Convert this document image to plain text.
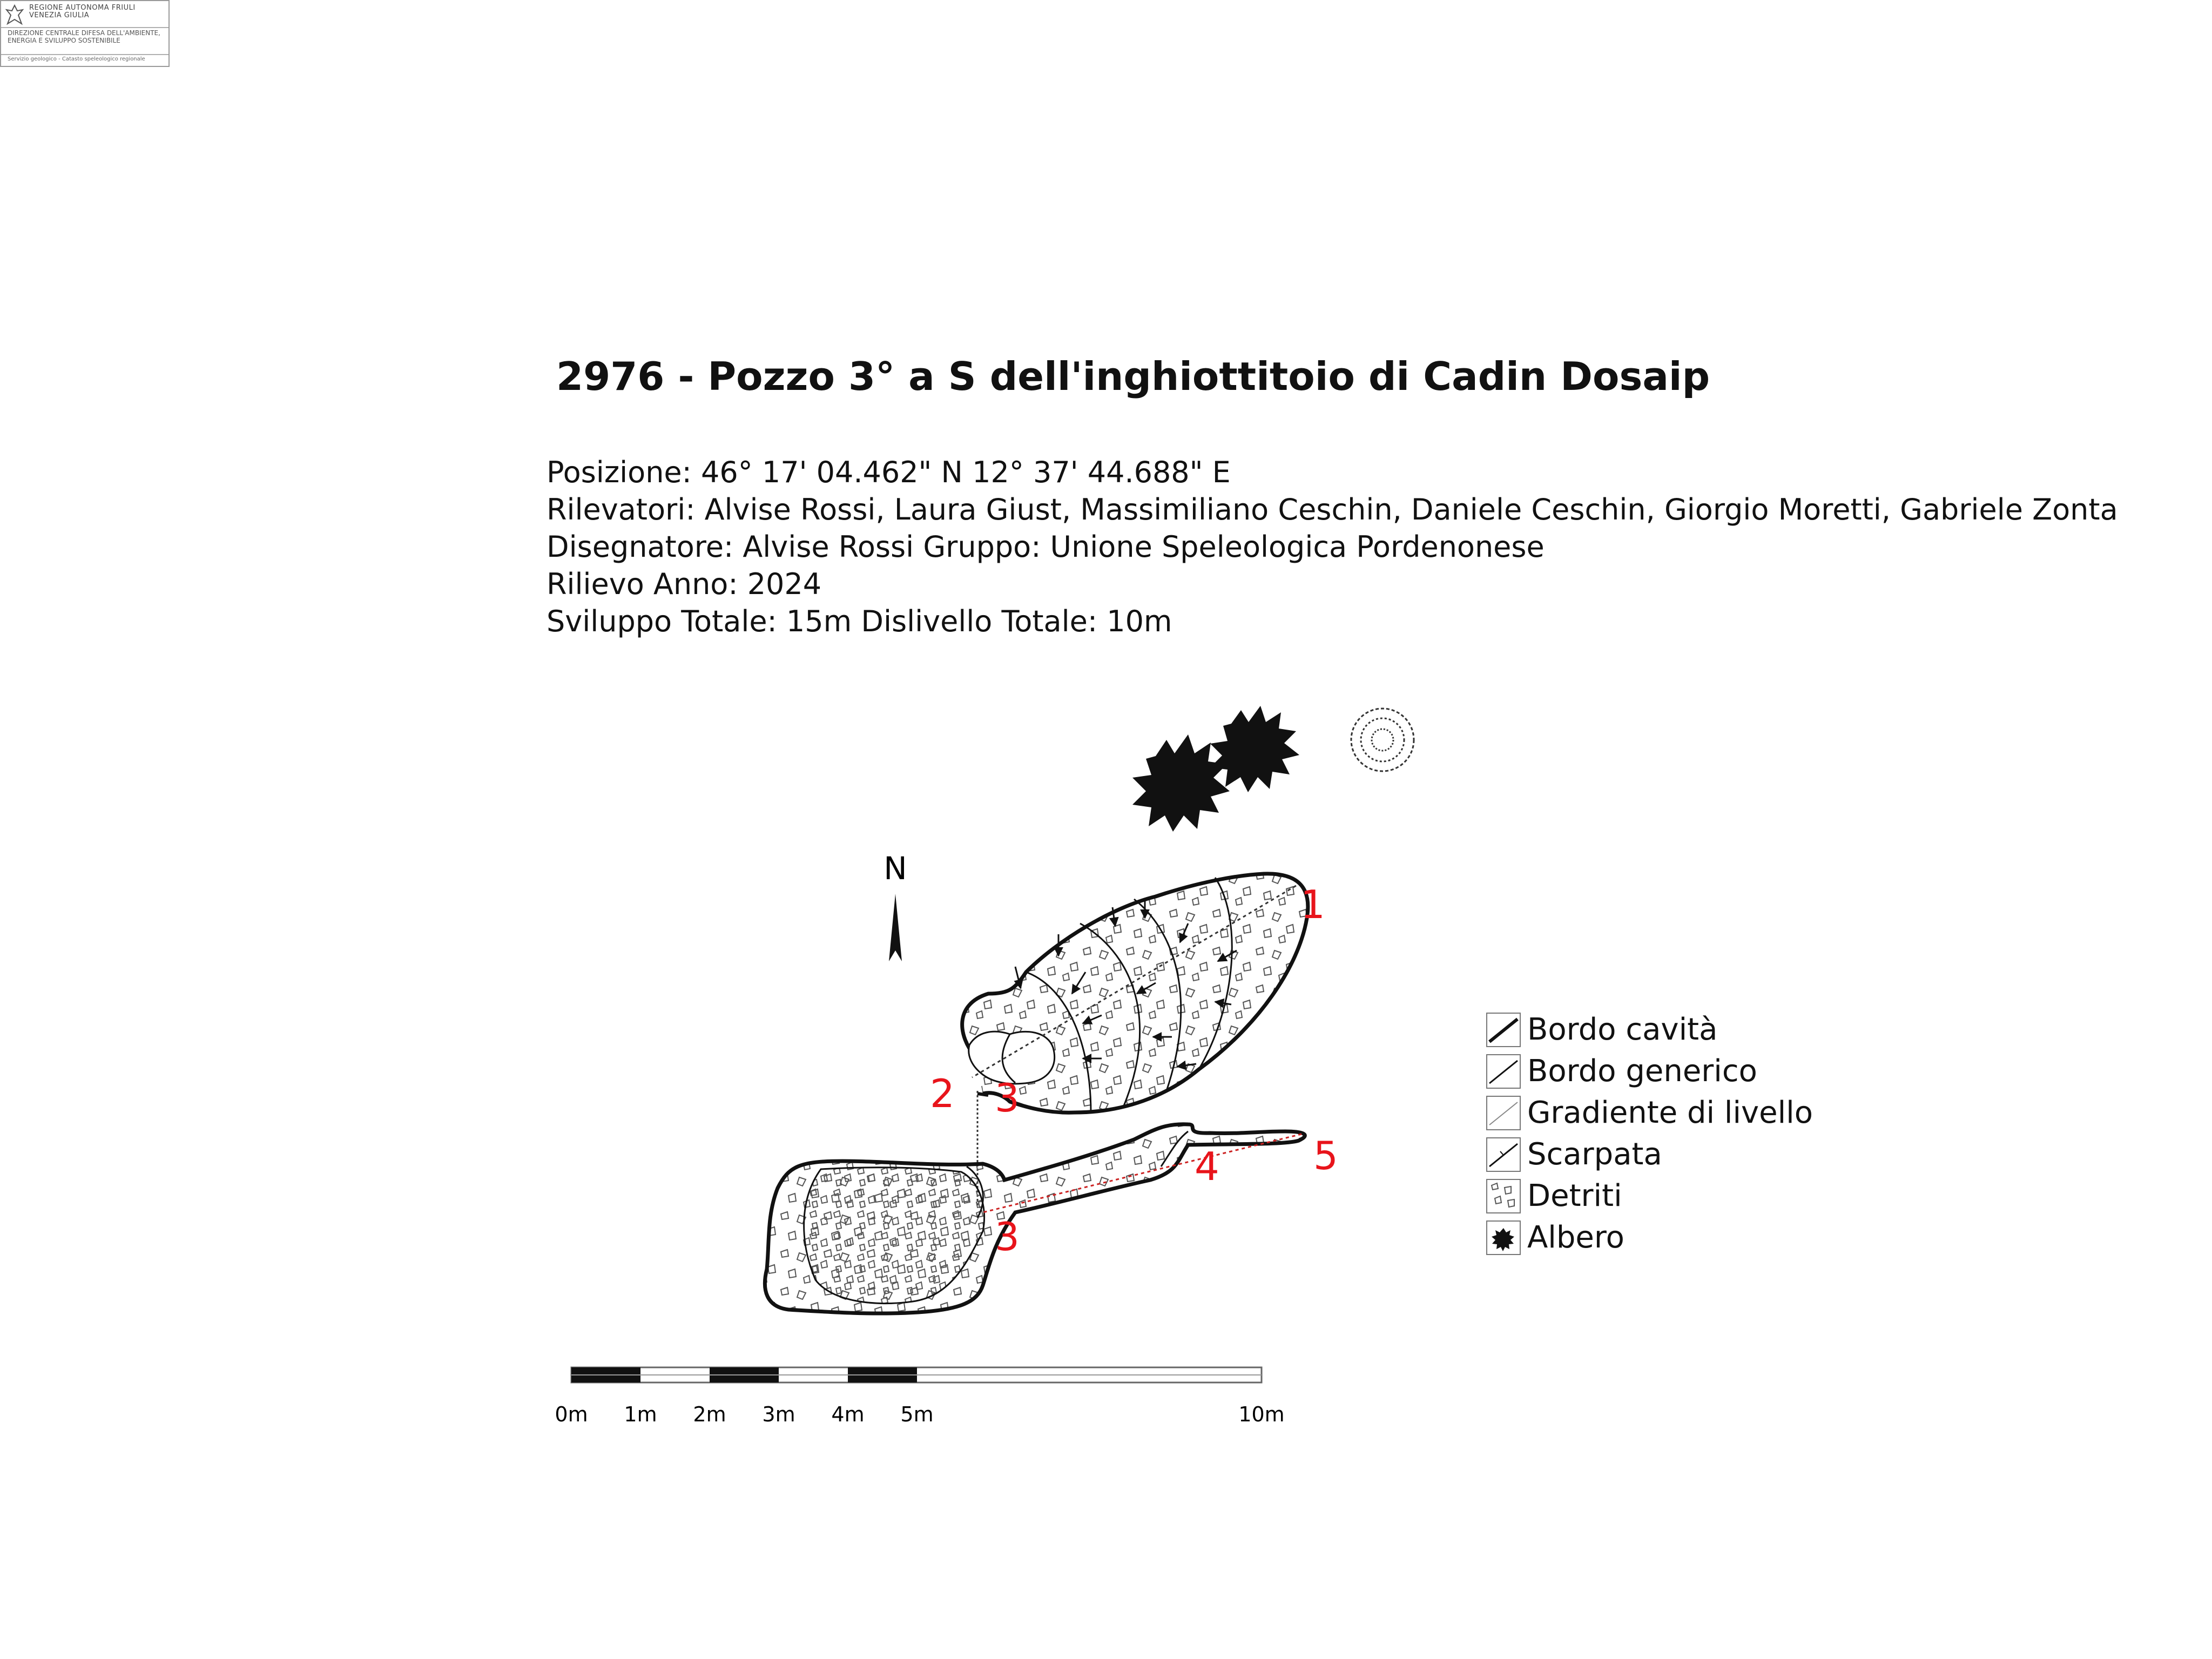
REGIONE AUTONOMA FRIULI VENEZIA GIULIA
DIREZIONE CENTRALE DIFESA DELL'AMBIENTE, ENERGIA E SVILUPPO SOSTENIBILE
Servizio geologico - Catasto speleologico regionale
2976 - Pozzo 3° a S dell'inghiottitoio di Cadin Dosaip
Posizione: 46° 17' 04.462" N 12° 37' 44.688" E
Rilevatori: Alvise Rossi, Laura Giust, Massimiliano Ceschin, Daniele Ceschin, Giorgio Moretti, Gabriele Zonta
Disegnatore: Alvise Rossi Gruppo: Unione Speleologica Pordenonese
Rilievo Anno: 2024
Sviluppo Totale: 15m Dislivello Totale: 10m
N
1
2 3
3
4 5
0m 1m 2m 3m 4m 5m	10m
Bordo cavità
Bordo generico
Gradiente di livello
Scarpata
Detriti
Albero
